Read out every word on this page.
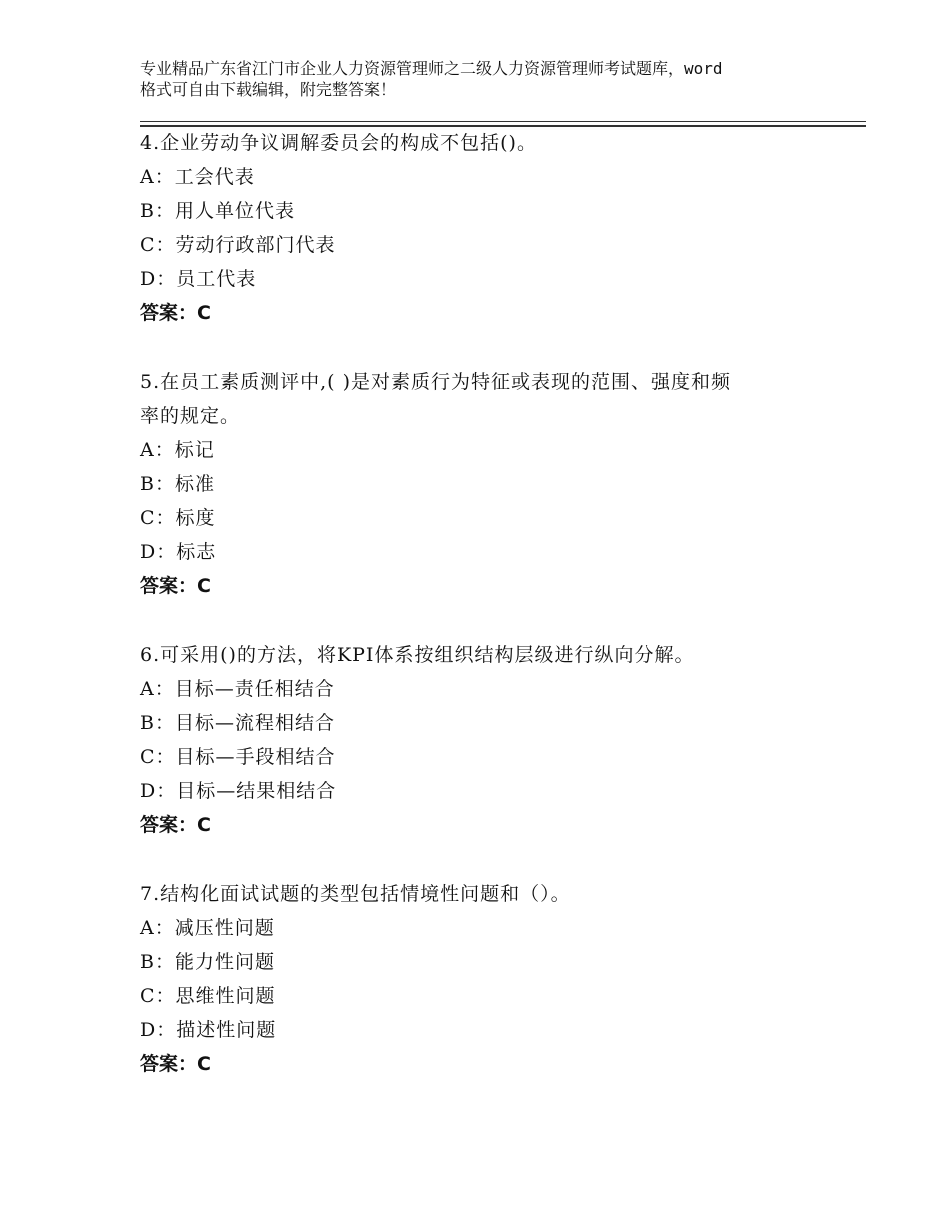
专业精品广东省江门市企业人力资源管理师之二级人力资源管理师考试题库，word
格式可自由下载编辑，附完整答案！
4.企业劳动争议调解委员会的构成不包括()。
A：工会代表
B：用人单位代表
C：劳动行政部门代表
D：员工代表
答案：C
5.在员工素质测评中,( )是对素质行为特征或表现的范围、强度和频
率的规定。
A：标记
B：标准
C：标度
D：标志
答案：C
6.可采用()的方法，将KPI体系按组织结构层级进行纵向分解。
A：目标—责任相结合
B：目标—流程相结合
C：目标—手段相结合
D：目标—结果相结合
答案：C
7.结构化面试试题的类型包括情境性问题和（）。
A：减压性问题
B：能力性问题
C：思维性问题
D：描述性问题
答案：C
